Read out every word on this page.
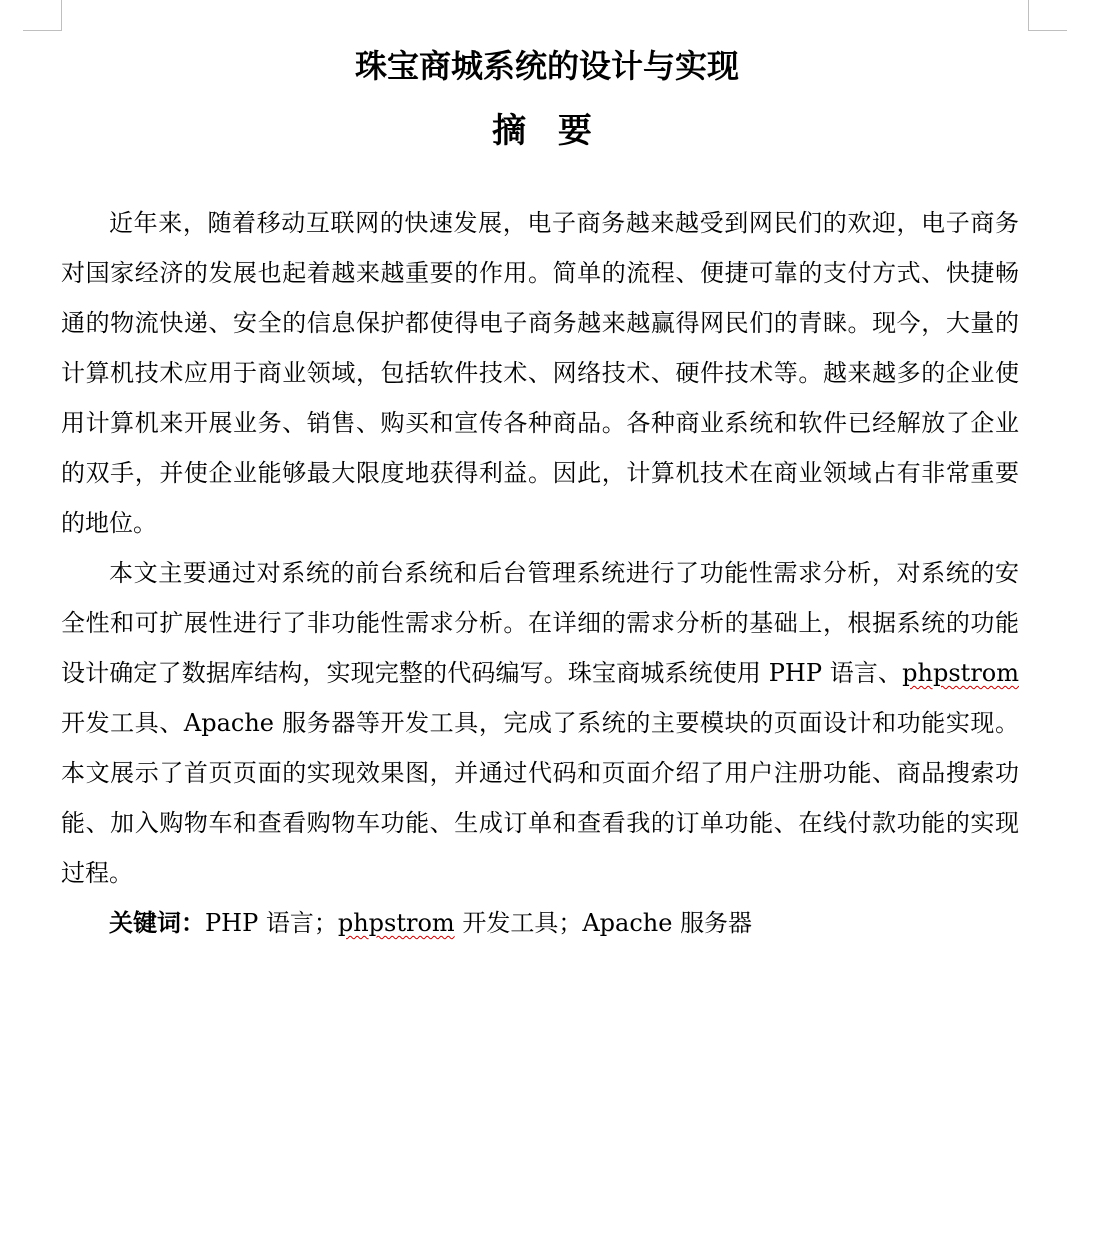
珠宝商城系统的设计与实现
摘 要

近年来，随着移动互联网的快速发展，电子商务越来越受到网民们的欢迎，电子商务对国家经济的发展也起着越来越重要的作用。简单的流程、便捷可靠的支付方式、快捷畅通的物流快递、安全的信息保护都使得电子商务越来越赢得网民们的青睐。现今，大量的计算机技术应用于商业领域，包括软件技术、网络技术、硬件技术等。越来越多的企业使用计算机来开展业务、销售、购买和宣传各种商品。各种商业系统和软件已经解放了企业的双手，并使企业能够最大限度地获得利益。因此，计算机技术在商业领域占有非常重要的地位。

本文主要通过对系统的前台系统和后台管理系统进行了功能性需求分析，对系统的安全性和可扩展性进行了非功能性需求分析。在详细的需求分析的基础上，根据系统的功能设计确定了数据库结构，实现完整的代码编写。珠宝商城系统使用 PHP 语言、phpstrom 开发工具、Apache 服务器等开发工具，完成了系统的主要模块的页面设计和功能实现。本文展示了首页页面的实现效果图，并通过代码和页面介绍了用户注册功能、商品搜索功能、加入购物车和查看购物车功能、生成订单和查看我的订单功能、在线付款功能的实现过程。

关键词：PHP 语言；phpstrom 开发工具；Apache 服务器
